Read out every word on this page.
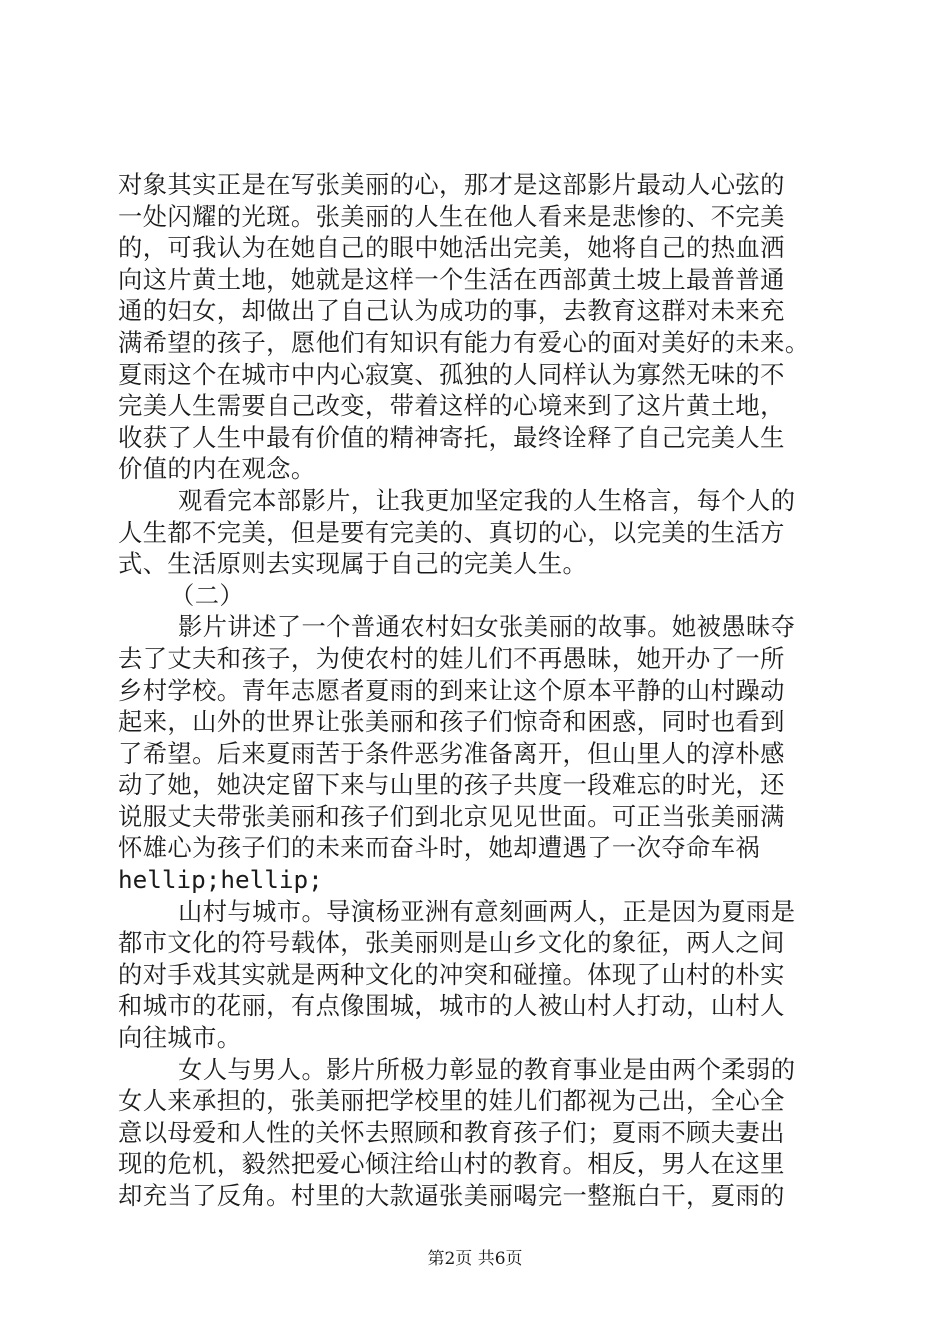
对象其实正是在写张美丽的心，那才是这部影片最动人心弦的
一处闪耀的光斑。张美丽的人生在他人看来是悲惨的、不完美
的，可我认为在她自己的眼中她活出完美，她将自己的热血洒
向这片黄土地，她就是这样一个生活在西部黄土坡上最普普通
通的妇女，却做出了自己认为成功的事，去教育这群对未来充
满希望的孩子，愿他们有知识有能力有爱心的面对美好的未来。
夏雨这个在城市中内心寂寞、孤独的人同样认为寡然无味的不
完美人生需要自己改变，带着这样的心境来到了这片黄土地，
收获了人生中最有价值的精神寄托，最终诠释了自己完美人生
价值的内在观念。
观看完本部影片，让我更加坚定我的人生格言，每个人的
人生都不完美，但是要有完美的、真切的心，以完美的生活方
式、生活原则去实现属于自己的完美人生。
（二）
影片讲述了一个普通农村妇女张美丽的故事。她被愚昧夺
去了丈夫和孩子，为使农村的娃儿们不再愚昧，她开办了一所
乡村学校。青年志愿者夏雨的到来让这个原本平静的山村躁动
起来，山外的世界让张美丽和孩子们惊奇和困惑，同时也看到
了希望。后来夏雨苦于条件恶劣准备离开，但山里人的淳朴感
动了她，她决定留下来与山里的孩子共度一段难忘的时光，还
说服丈夫带张美丽和孩子们到北京见见世面。可正当张美丽满
怀雄心为孩子们的未来而奋斗时，她却遭遇了一次夺命车祸
hellip;hellip;
山村与城市。导演杨亚洲有意刻画两人，正是因为夏雨是
都市文化的符号载体，张美丽则是山乡文化的象征，两人之间
的对手戏其实就是两种文化的冲突和碰撞。体现了山村的朴实
和城市的花丽，有点像围城，城市的人被山村人打动，山村人
向往城市。
女人与男人。影片所极力彰显的教育事业是由两个柔弱的
女人来承担的，张美丽把学校里的娃儿们都视为己出，全心全
意以母爱和人性的关怀去照顾和教育孩子们；夏雨不顾夫妻出
现的危机，毅然把爱心倾注给山村的教育。相反，男人在这里
却充当了反角。村里的大款逼张美丽喝完一整瓶白干，夏雨的
第2页 共6页
